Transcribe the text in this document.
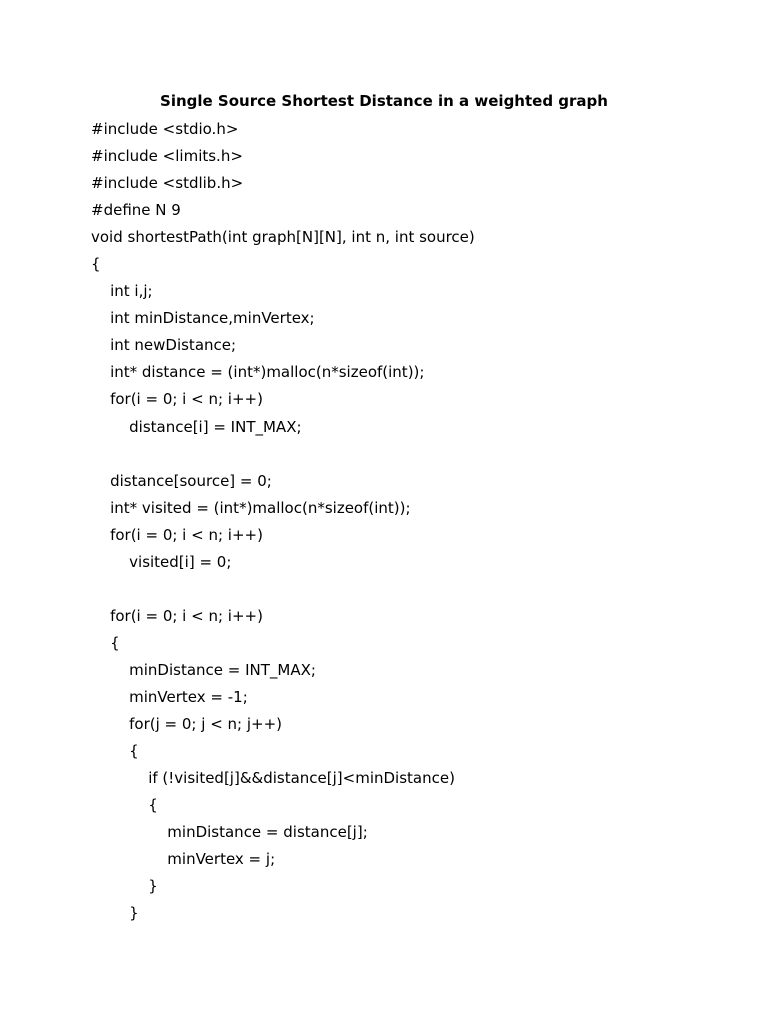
Single Source Shortest Distance in a weighted graph
#include <stdio.h>
#include <limits.h>
#include <stdlib.h>
#define N 9
void shortestPath(int graph[N][N], int n, int source)
{
int i,j;
int minDistance,minVertex;
int newDistance;
int* distance = (int*)malloc(n*sizeof(int));
for(i = 0; i < n; i++)
distance[i] = INT_MAX;
distance[source] = 0;
int* visited = (int*)malloc(n*sizeof(int));
for(i = 0; i < n; i++)
visited[i] = 0;
for(i = 0; i < n; i++)
{
minDistance = INT_MAX;
minVertex = -1;
for(j = 0; j < n; j++)
{
if (!visited[j]&&distance[j]<minDistance)
{
minDistance = distance[j];
minVertex = j;
}
}
